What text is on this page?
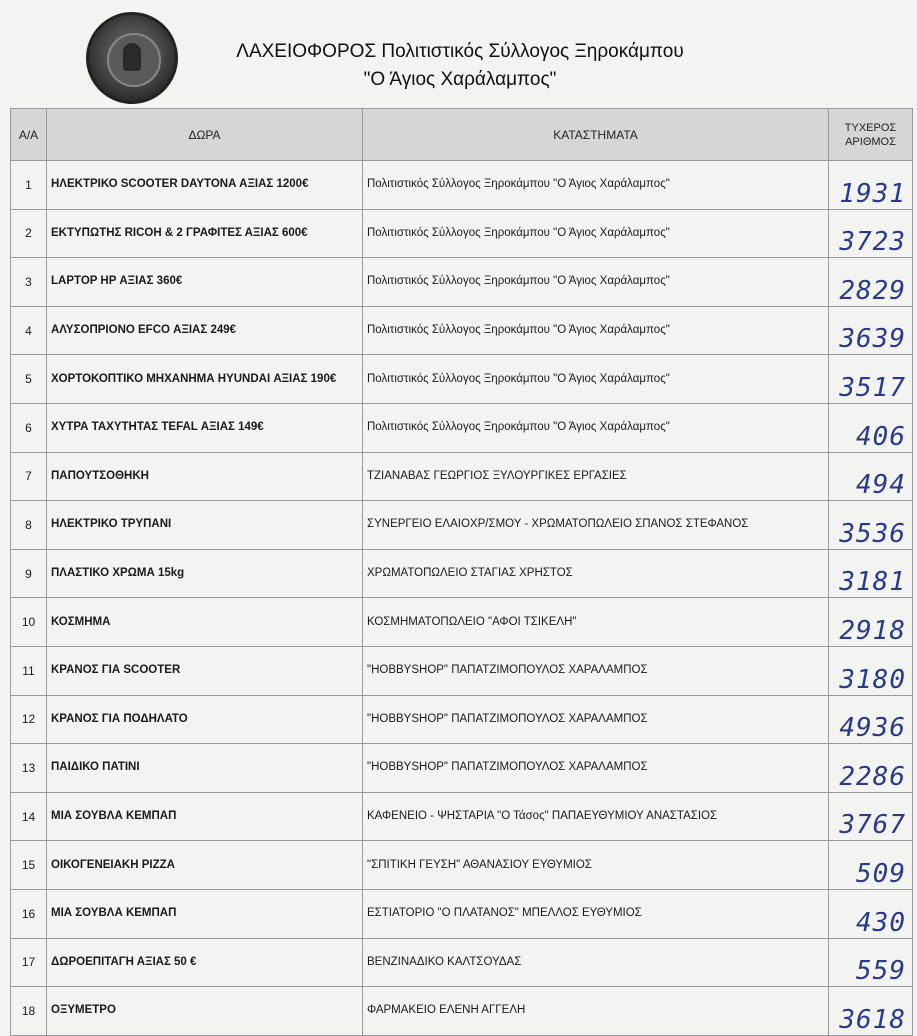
ΛΑΧΕΙΟΦΟΡΟΣ Πολιτιστικός Σύλλογος Ξηροκάμπου
"Ο Άγιος Χαράλαμπος"
Α/Α	ΔΩΡΑ	ΚΑΤΑΣΤΗΜΑΤΑ	ΤΥΧΕΡΟΣ
ΑΡΙΘΜΟΣ
1	ΗΛΕΚΤΡΙΚΟ SCOOTER DAYTONA ΑΞΙΑΣ 1200€	Πολιτιστικός Σύλλογος Ξηροκάμπου "Ο Άγιος Χαράλαμπος"	1931
2	ΕΚΤΥΠΩΤΗΣ RICOH & 2 ΓΡΑΦΙΤΕΣ ΑΞΙΑΣ 600€	Πολιτιστικός Σύλλογος Ξηροκάμπου "Ο Άγιος Χαράλαμπος"	3723
3	LAPTOP HP ΑΞΙΑΣ 360€	Πολιτιστικός Σύλλογος Ξηροκάμπου "Ο Άγιος Χαράλαμπος"	2829
4	ΑΛΥΣΟΠΡΙΟΝΟ EFCO ΑΞΙΑΣ 249€	Πολιτιστικός Σύλλογος Ξηροκάμπου "Ο Άγιος Χαράλαμπος"	3639
5	ΧΟΡΤΟΚΟΠΤΙΚΟ ΜΗΧΑΝΗΜΑ HYUNDAI ΑΞΙΑΣ 190€	Πολιτιστικός Σύλλογος Ξηροκάμπου "Ο Άγιος Χαράλαμπος"	3517
6	ΧΥΤΡΑ ΤΑΧΥΤΗΤΑΣ TEFAL ΑΞΙΑΣ 149€	Πολιτιστικός Σύλλογος Ξηροκάμπου "Ο Άγιος Χαράλαμπος"	406
7	ΠΑΠΟΥΤΣΟΘΗΚΗ	ΤΖΙΑΝΑΒΑΣ ΓΕΩΡΓΙΟΣ ΞΥΛΟΥΡΓΙΚΕΣ ΕΡΓΑΣΙΕΣ	494
8	ΗΛΕΚΤΡΙΚΟ ΤΡΥΠΑΝΙ	ΣΥΝΕΡΓΕΙΟ ΕΛΑΙΟΧΡ/ΣΜΟΥ - ΧΡΩΜΑΤΟΠΩΛΕΙΟ ΣΠΑΝΟΣ ΣΤΕΦΑΝΟΣ	3536
9	ΠΛΑΣΤΙΚΟ ΧΡΩΜΑ 15kg	ΧΡΩΜΑΤΟΠΩΛΕΙΟ ΣΤΑΓΙΑΣ ΧΡΗΣΤΟΣ	3181
10	ΚΟΣΜΗΜΑ	ΚΟΣΜΗΜΑΤΟΠΩΛΕΙΟ "ΑΦΟΙ ΤΣΙΚΕΛΗ"	2918
11	ΚΡΑΝΟΣ ΓΙΑ SCOOTER	"HOBBYSHOP" ΠΑΠΑΤΖΙΜΟΠΟΥΛΟΣ ΧΑΡΑΛΑΜΠΟΣ	3180
12	ΚΡΑΝΟΣ ΓΙΑ ΠΟΔΗΛΑΤΟ	"HOBBYSHOP" ΠΑΠΑΤΖΙΜΟΠΟΥΛΟΣ ΧΑΡΑΛΑΜΠΟΣ	4936
13	ΠΑΙΔΙΚΟ ΠΑΤΙΝΙ	"HOBBYSHOP" ΠΑΠΑΤΖΙΜΟΠΟΥΛΟΣ ΧΑΡΑΛΑΜΠΟΣ	2286
14	ΜΙΑ ΣΟΥΒΛΑ ΚΕΜΠΑΠ	ΚΑΦΕΝΕΙΟ - ΨΗΣΤΑΡΙΑ "Ο Τάσος" ΠΑΠΑΕΥΘΥΜΙΟΥ ΑΝΑΣΤΑΣΙΟΣ	3767
15	ΟΙΚΟΓΕΝΕΙΑΚΗ PIZZA	"ΣΠΙΤΙΚΗ ΓΕΥΣΗ" ΑΘΑΝΑΣΙΟΥ ΕΥΘΥΜΙΟΣ	509
16	ΜΙΑ ΣΟΥΒΛΑ ΚΕΜΠΑΠ	ΕΣΤΙΑΤΟΡΙΟ "Ο ΠΛΑΤΑΝΟΣ" ΜΠΕΛΛΟΣ ΕΥΘΥΜΙΟΣ	430
17	ΔΩΡΟΕΠΙΤΑΓΗ ΑΞΙΑΣ 50 €	ΒΕΝΖΙΝΑΔΙΚΟ ΚΑΛΤΣΟΥΔΑΣ	559
18	ΟΞΥΜΕΤΡΟ	ΦΑΡΜΑΚΕΙΟ ΕΛΕΝΗ ΑΓΓΕΛΗ	3618
